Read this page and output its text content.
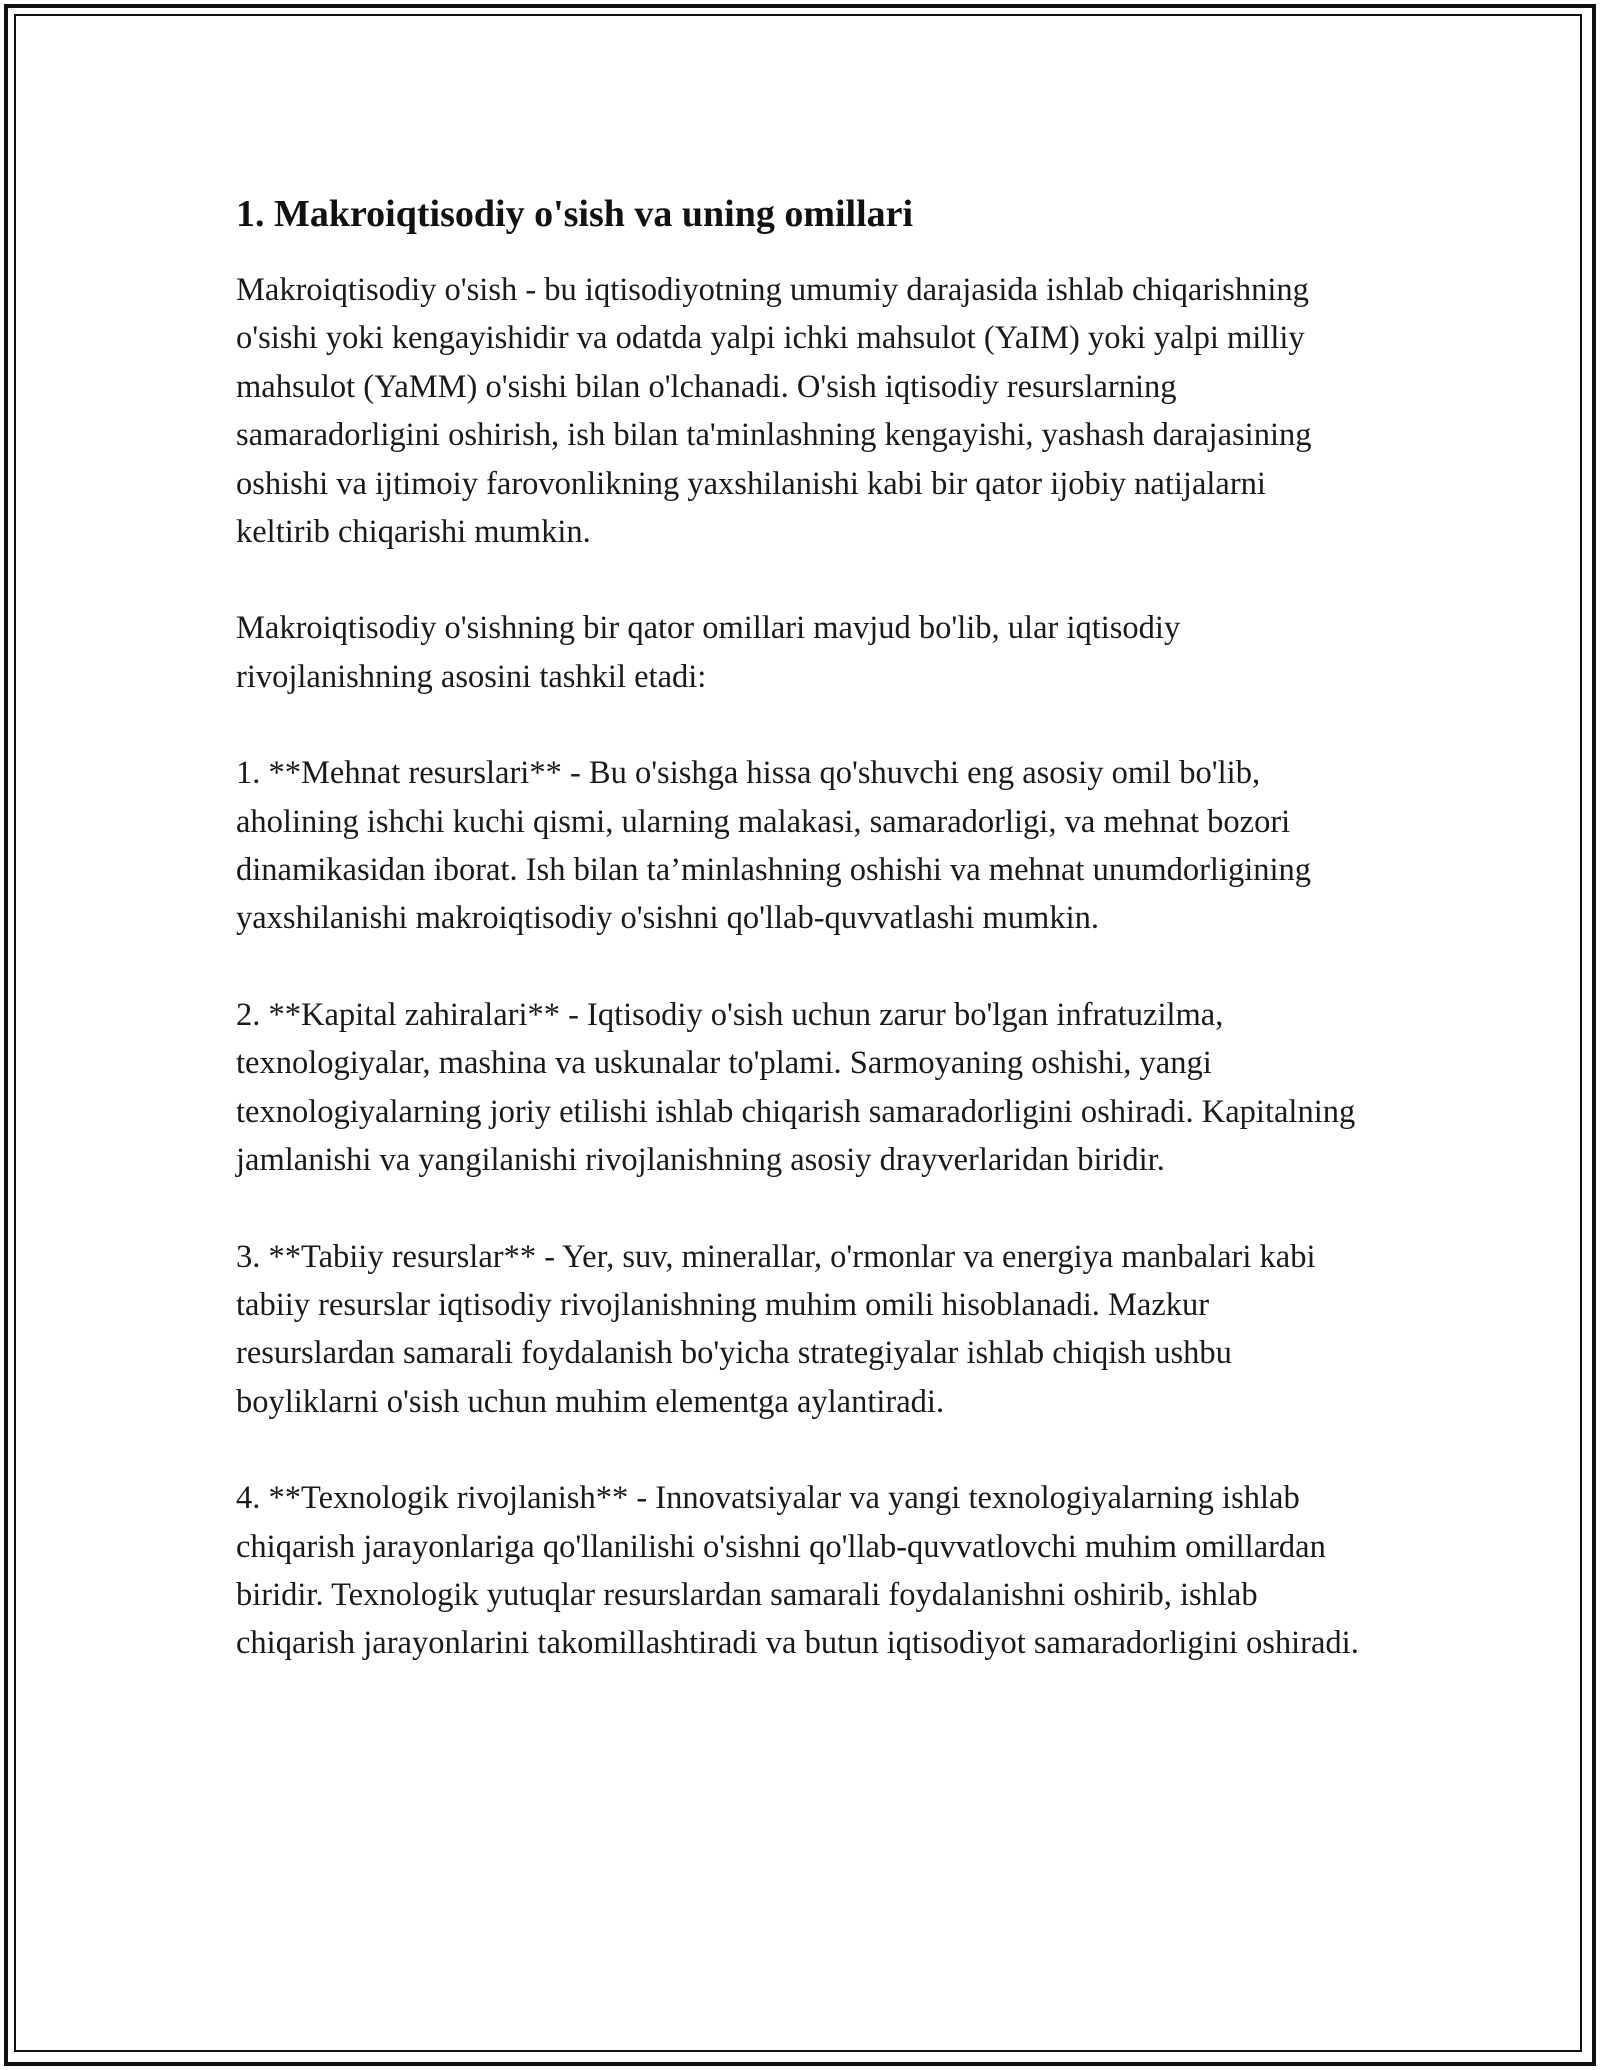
1. Makroiqtisodiy o'sish va uning omillari

Makroiqtisodiy o'sish - bu iqtisodiyotning umumiy darajasida ishlab chiqarishning o'sishi yoki kengayishidir va odatda yalpi ichki mahsulot (YaIM) yoki yalpi milliy mahsulot (YaMM) o'sishi bilan o'lchanadi. O'sish iqtisodiy resurslarning samaradorligini oshirish, ish bilan ta'minlashning kengayishi, yashash darajasining oshishi va ijtimoiy farovonlikning yaxshilanishi kabi bir qator ijobiy natijalarni keltirib chiqarishi mumkin.

Makroiqtisodiy o'sishning bir qator omillari mavjud bo'lib, ular iqtisodiy rivojlanishning asosini tashkil etadi:

1. **Mehnat resurslari** - Bu o'sishga hissa qo'shuvchi eng asosiy omil bo'lib, aholining ishchi kuchi qismi, ularning malakasi, samaradorligi, va mehnat bozori dinamikasidan iborat. Ish bilan ta’minlashning oshishi va mehnat unumdorligining yaxshilanishi makroiqtisodiy o'sishni qo'llab-quvvatlashi mumkin.

2. **Kapital zahiralari** - Iqtisodiy o'sish uchun zarur bo'lgan infratuzilma, texnologiyalar, mashina va uskunalar to'plami. Sarmoyaning oshishi, yangi texnologiyalarning joriy etilishi ishlab chiqarish samaradorligini oshiradi. Kapitalning jamlanishi va yangilanishi rivojlanishning asosiy drayverlaridan biridir.

3. **Tabiiy resurslar** - Yer, suv, minerallar, o'rmonlar va energiya manbalari kabi tabiiy resurslar iqtisodiy rivojlanishning muhim omili hisoblanadi. Mazkur resurslardan samarali foydalanish bo'yicha strategiyalar ishlab chiqish ushbu boyliklarni o'sish uchun muhim elementga aylantiradi.

4. **Texnologik rivojlanish** - Innovatsiyalar va yangi texnologiyalarning ishlab chiqarish jarayonlariga qo'llanilishi o'sishni qo'llab-quvvatlovchi muhim omillardan biridir. Texnologik yutuqlar resurslardan samarali foydalanishni oshirib, ishlab chiqarish jarayonlarini takomillashtiradi va butun iqtisodiyot samaradorligini oshiradi.
